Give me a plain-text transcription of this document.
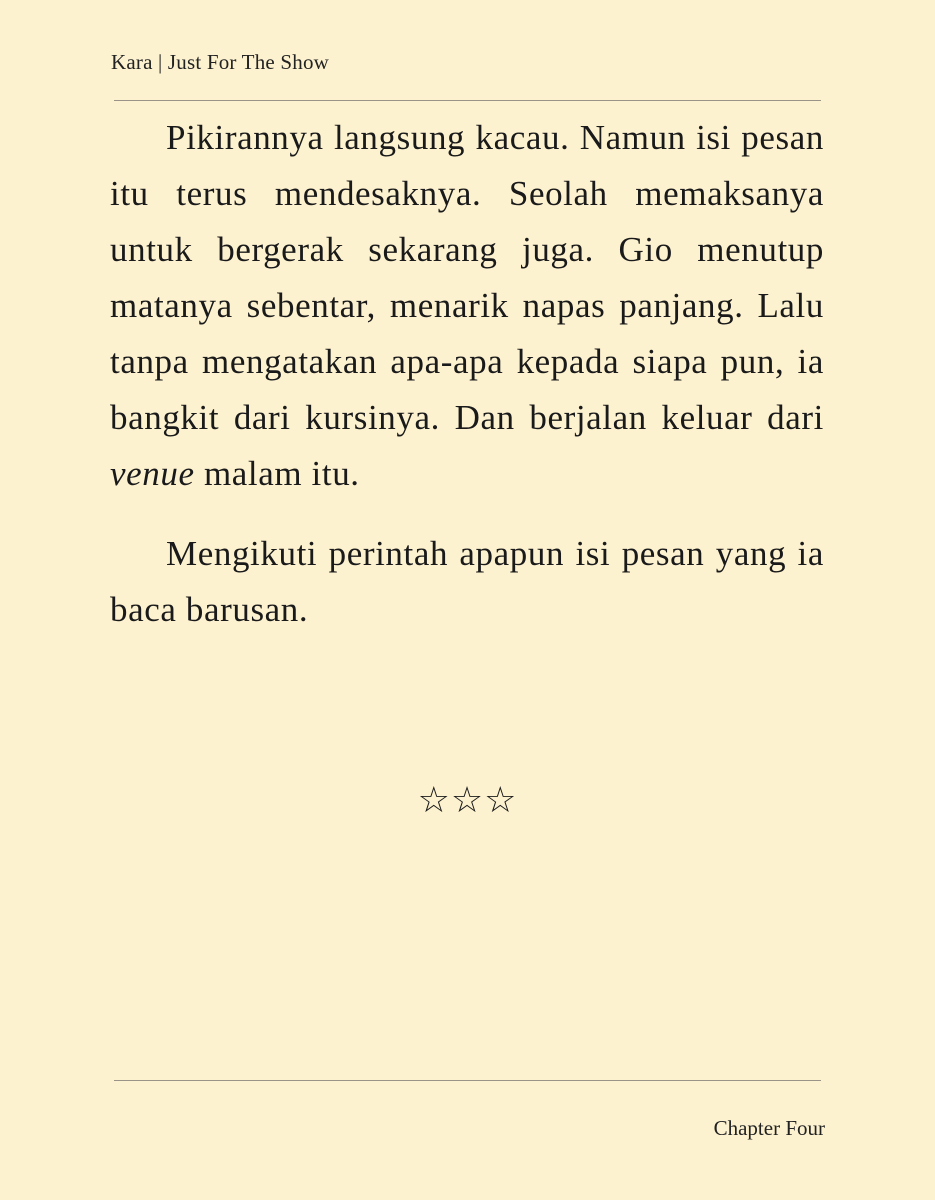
Kara | Just For The Show

Pikirannya langsung kacau. Namun isi pesan itu terus mendesaknya. Seolah memaksanya untuk bergerak sekarang juga. Gio menutup matanya sebentar, menarik napas panjang. Lalu tanpa mengatakan apa-apa kepada siapa pun, ia bangkit dari kursinya. Dan berjalan keluar dari venue malam itu.

Mengikuti perintah apapun isi pesan yang ia baca barusan.

☆☆☆
Chapter Four
